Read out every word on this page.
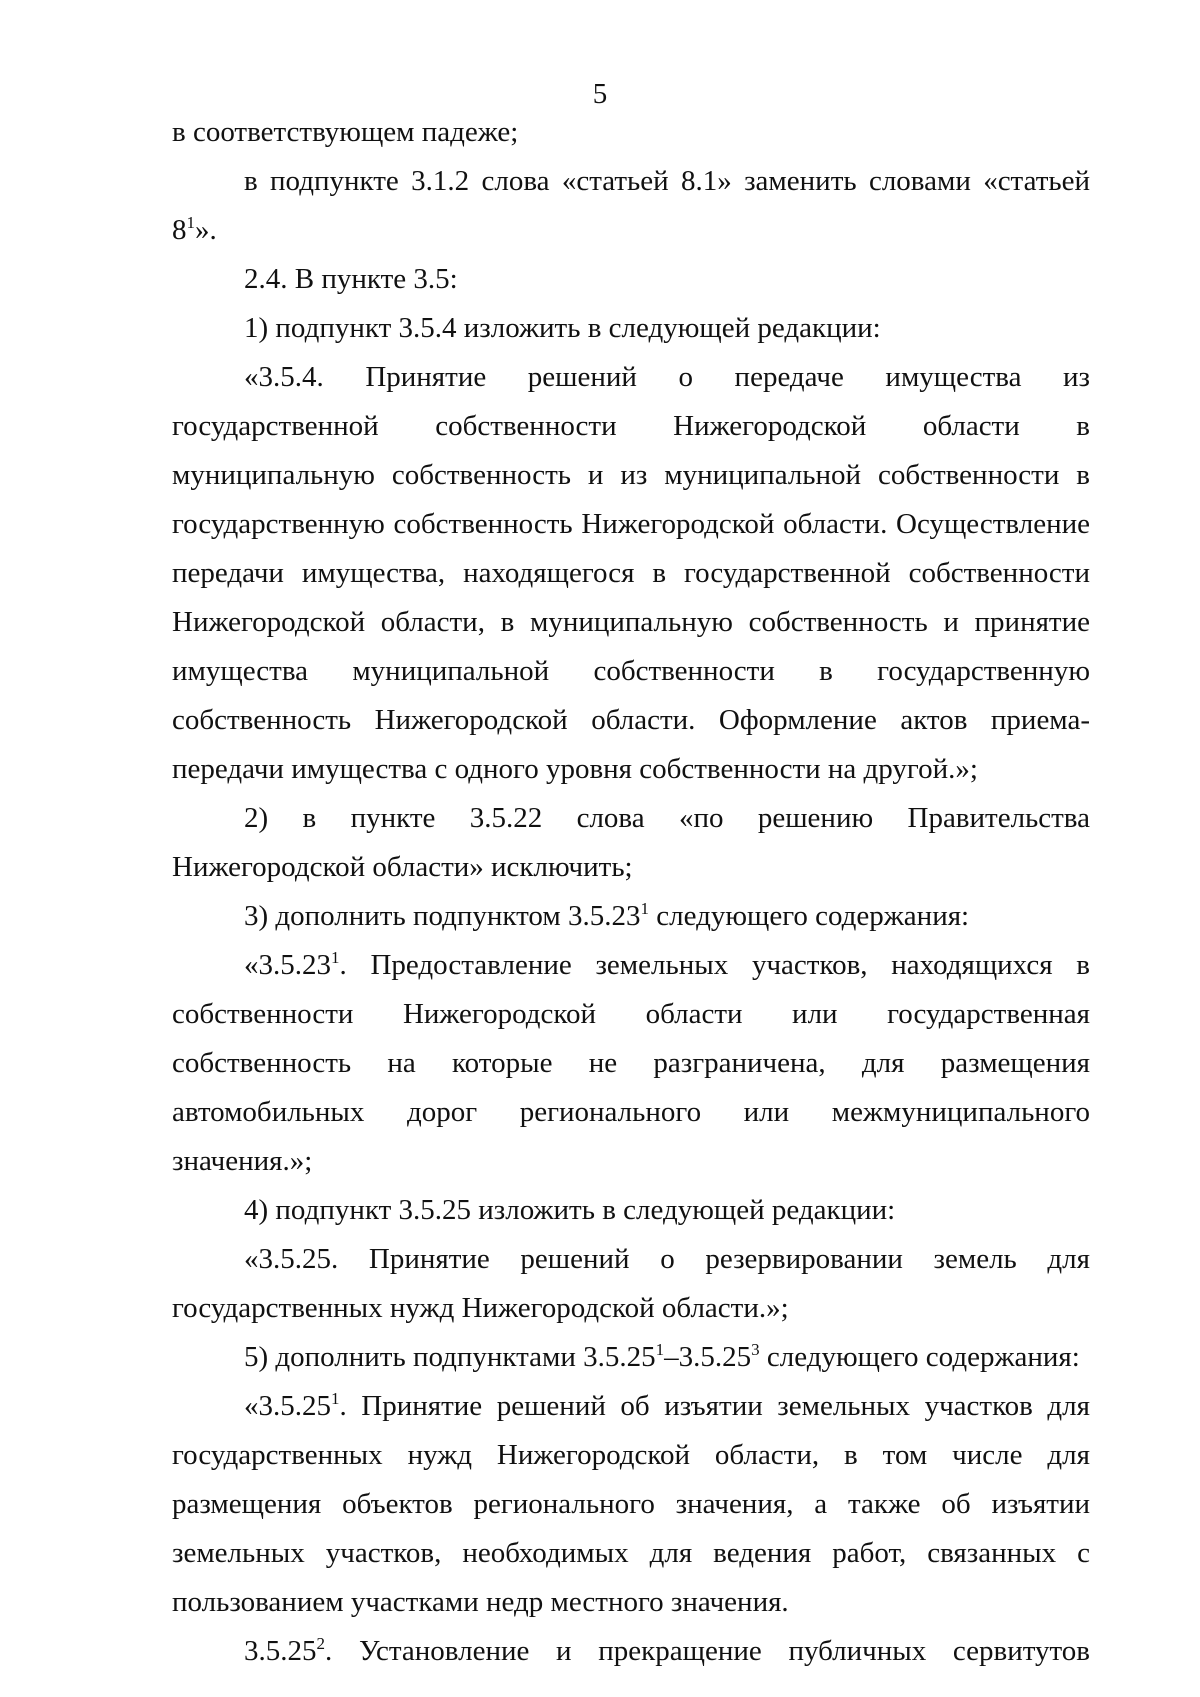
5

в соответствующем падеже;

в подпункте 3.1.2 слова «статьей 8.1» заменить словами «статьей $8^1$».

2.4. В пункте 3.5:

1) подпункт 3.5.4 изложить в следующей редакции:

«3.5.4. Принятие решений о передаче имущества из государственной собственности Нижегородской области в муниципальную собственность и из муниципальной собственности в государственную собственность Нижегородской области. Осуществление передачи имущества, находящегося в государственной собственности Нижегородской области, в муниципальную собственность и принятие имущества муниципальной собственности в государственную собственность Нижегородской области. Оформление актов приема-передачи имущества с одного уровня собственности на другой.»;

2) в пункте 3.5.22 слова «по решению Правительства Нижегородской области» исключить;

3) дополнить подпунктом 3.5.23$^1$ следующего содержания:

«3.5.23$^1$. Предоставление земельных участков, находящихся в собственности Нижегородской области или государственная собственность на которые не разграничена, для размещения автомобильных дорог регионального или межмуниципального значения.»;

4) подпункт 3.5.25 изложить в следующей редакции:

«3.5.25. Принятие решений о резервировании земель для государственных нужд Нижегородской области.»;

5) дополнить подпунктами 3.5.25$^1$–3.5.25$^3$ следующего содержания:

«3.5.25$^1$. Принятие решений об изъятии земельных участков для государственных нужд Нижегородской области, в том числе для размещения объектов регионального значения, а также об изъятии земельных участков, необходимых для ведения работ, связанных с пользованием участками недр местного значения.

3.5.25$^2$. Установление и прекращение публичных сервитутов
